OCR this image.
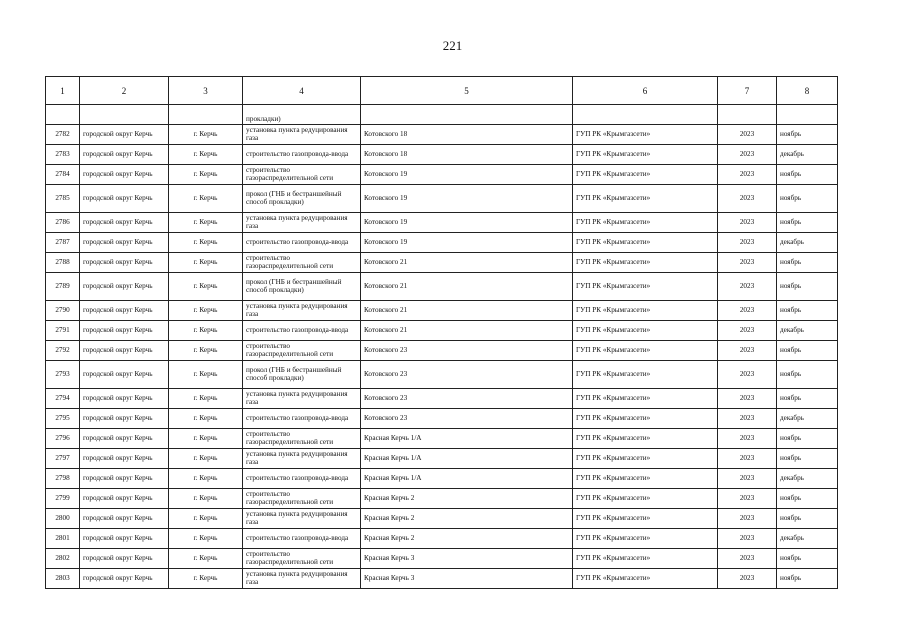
221
1	2	3	4	5	6	7	8
			прокладки)				
2782	городской округ Керчь	г. Керчь	установка пункта редуцирования газа	Котовского 18	ГУП РК «Крымгазсети»	2023	ноябрь
2783	городской округ Керчь	г. Керчь	строительство газопровода-ввода	Котовского 18	ГУП РК «Крымгазсети»	2023	декабрь
2784	городской округ Керчь	г. Керчь	строительство газораспределительной сети	Котовского 19	ГУП РК «Крымгазсети»	2023	ноябрь
2785	городской округ Керчь	г. Керчь	прокол (ГНБ и бестраншейный способ прокладки)	Котовского 19	ГУП РК «Крымгазсети»	2023	ноябрь
2786	городской округ Керчь	г. Керчь	установка пункта редуцирования газа	Котовского 19	ГУП РК «Крымгазсети»	2023	ноябрь
2787	городской округ Керчь	г. Керчь	строительство газопровода-ввода	Котовского 19	ГУП РК «Крымгазсети»	2023	декабрь
2788	городской округ Керчь	г. Керчь	строительство газораспределительной сети	Котовского 21	ГУП РК «Крымгазсети»	2023	ноябрь
2789	городской округ Керчь	г. Керчь	прокол (ГНБ и бестраншейный способ прокладки)	Котовского 21	ГУП РК «Крымгазсети»	2023	ноябрь
2790	городской округ Керчь	г. Керчь	установка пункта редуцирования газа	Котовского 21	ГУП РК «Крымгазсети»	2023	ноябрь
2791	городской округ Керчь	г. Керчь	строительство газопровода-ввода	Котовского 21	ГУП РК «Крымгазсети»	2023	декабрь
2792	городской округ Керчь	г. Керчь	строительство газораспределительной сети	Котовского 23	ГУП РК «Крымгазсети»	2023	ноябрь
2793	городской округ Керчь	г. Керчь	прокол (ГНБ и бестраншейный способ прокладки)	Котовского 23	ГУП РК «Крымгазсети»	2023	ноябрь
2794	городской округ Керчь	г. Керчь	установка пункта редуцирования газа	Котовского 23	ГУП РК «Крымгазсети»	2023	ноябрь
2795	городской округ Керчь	г. Керчь	строительство газопровода-ввода	Котовского 23	ГУП РК «Крымгазсети»	2023	декабрь
2796	городской округ Керчь	г. Керчь	строительство газораспределительной сети	Красная Керчь 1/А	ГУП РК «Крымгазсети»	2023	ноябрь
2797	городской округ Керчь	г. Керчь	установка пункта редуцирования газа	Красная Керчь 1/А	ГУП РК «Крымгазсети»	2023	ноябрь
2798	городской округ Керчь	г. Керчь	строительство газопровода-ввода	Красная Керчь 1/А	ГУП РК «Крымгазсети»	2023	декабрь
2799	городской округ Керчь	г. Керчь	строительство газораспределительной сети	Красная Керчь 2	ГУП РК «Крымгазсети»	2023	ноябрь
2800	городской округ Керчь	г. Керчь	установка пункта редуцирования газа	Красная Керчь 2	ГУП РК «Крымгазсети»	2023	ноябрь
2801	городской округ Керчь	г. Керчь	строительство газопровода-ввода	Красная Керчь 2	ГУП РК «Крымгазсети»	2023	декабрь
2802	городской округ Керчь	г. Керчь	строительство газораспределительной сети	Красная Керчь 3	ГУП РК «Крымгазсети»	2023	ноябрь
2803	городской округ Керчь	г. Керчь	установка пункта редуцирования газа	Красная Керчь 3	ГУП РК «Крымгазсети»	2023	ноябрь
